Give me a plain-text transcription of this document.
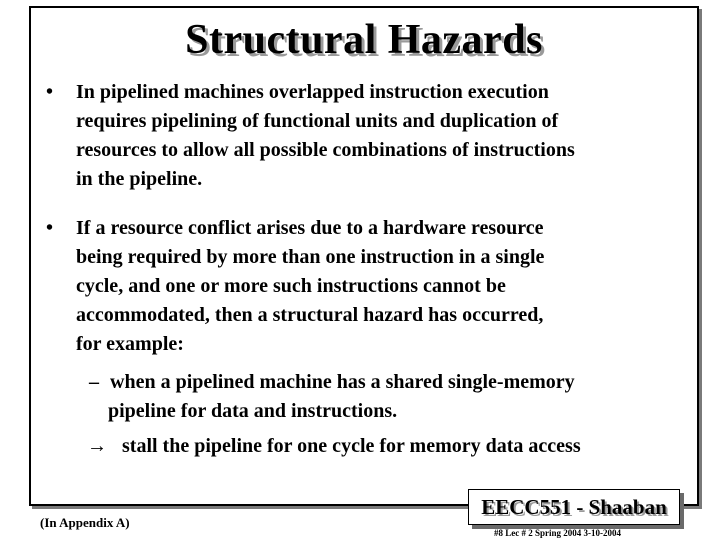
Structural Hazards
• In pipelined machines overlapped instruction execution
requires pipelining of functional units and duplication of
resources to allow all possible combinations of instructions
in the pipeline.
• If a resource conflict arises due to a hardware resource
being required by more than one instruction in a single
cycle, and one or more such instructions cannot be
accommodated, then a structural hazard has occurred,
for example:
– when a pipelined machine has a shared single-memory
pipeline for data and instructions.
→ stall the pipeline for one cycle for memory data access
(In Appendix A)
EECC551 - Shaaban
#8 Lec # 2 Spring 2004 3-10-2004
